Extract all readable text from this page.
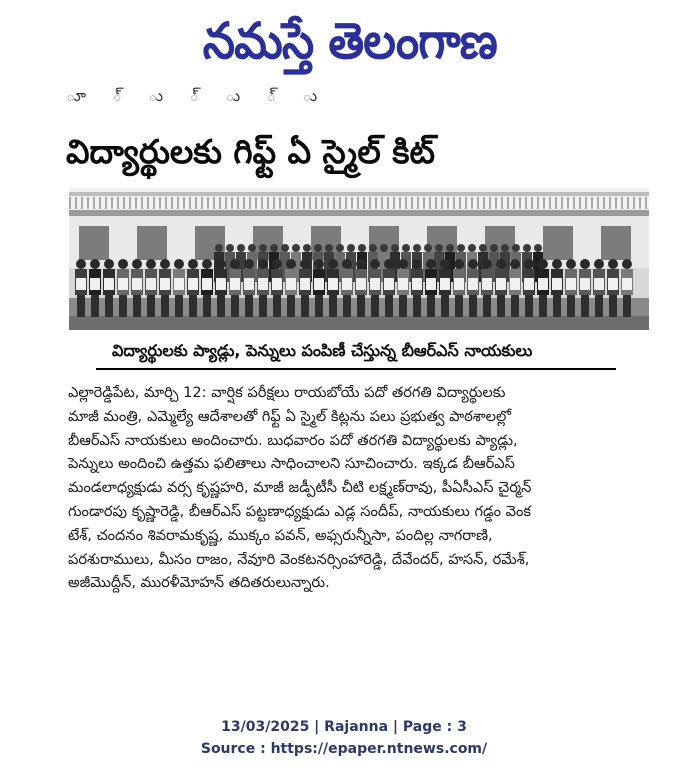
నమస్తే తెలంగాణ
ూ ్ ు ్ ు ్ ు
విద్యార్థులకు గిఫ్ట్ ఏ స్మైల్ కిట్
విద్యార్థులకు ప్యాడ్లు, పెన్నులు పంపిణీ చేస్తున్న బీఆర్ఎస్ నాయకులు
ఎల్లారెడ్డిపేట, మార్చి 12: వార్షిక పరీక్షలు రాయబోయే పదో తరగతి విద్యార్థులకు
మాజీ మంత్రి, ఎమ్మెల్యే ఆదేశాలతో గిఫ్ట్ ఏ స్మైల్ కిట్లను పలు ప్రభుత్వ పాఠశాలల్లో
బీఆర్ఎస్ నాయకులు అందించారు. బుధవారం పదో తరగతి విద్యార్థులకు ప్యాడ్లు,
పెన్నులు అందించి ఉత్తమ ఫలితాలు సాధించాలని సూచించారు. ఇక్కడ బీఆర్ఎస్
మండలాధ్యక్షుడు వర్స కృష్ణహరి, మాజీ జడ్పీటీసీ చీటి లక్ష్మణ్‌రావు, పీఏసీఎస్ చైర్మన్
గుండారపు కృష్ణారెడ్డి, బీఆర్ఎస్ పట్టణాధ్యక్షుడు ఎడ్ల సందీప్, నాయకులు గడ్డం వెంక
టేశ్, చందనం శివరామకృష్ణ, ముక్కం పవన్, అఫ్సరున్నీసా, పందిల్ల నాగరాణి,
పరశురాములు, మీసం రాజం, నేవూరి వెంకటనర్సింహారెడ్డి, దేవేందర్, హసన్, రమేశ్,
అజీమొద్దీన్, మురళీమోహన్ తదితరులున్నారు.
13/03/2025 | Rajanna | Page : 3
Source : https://epaper.ntnews.com/
